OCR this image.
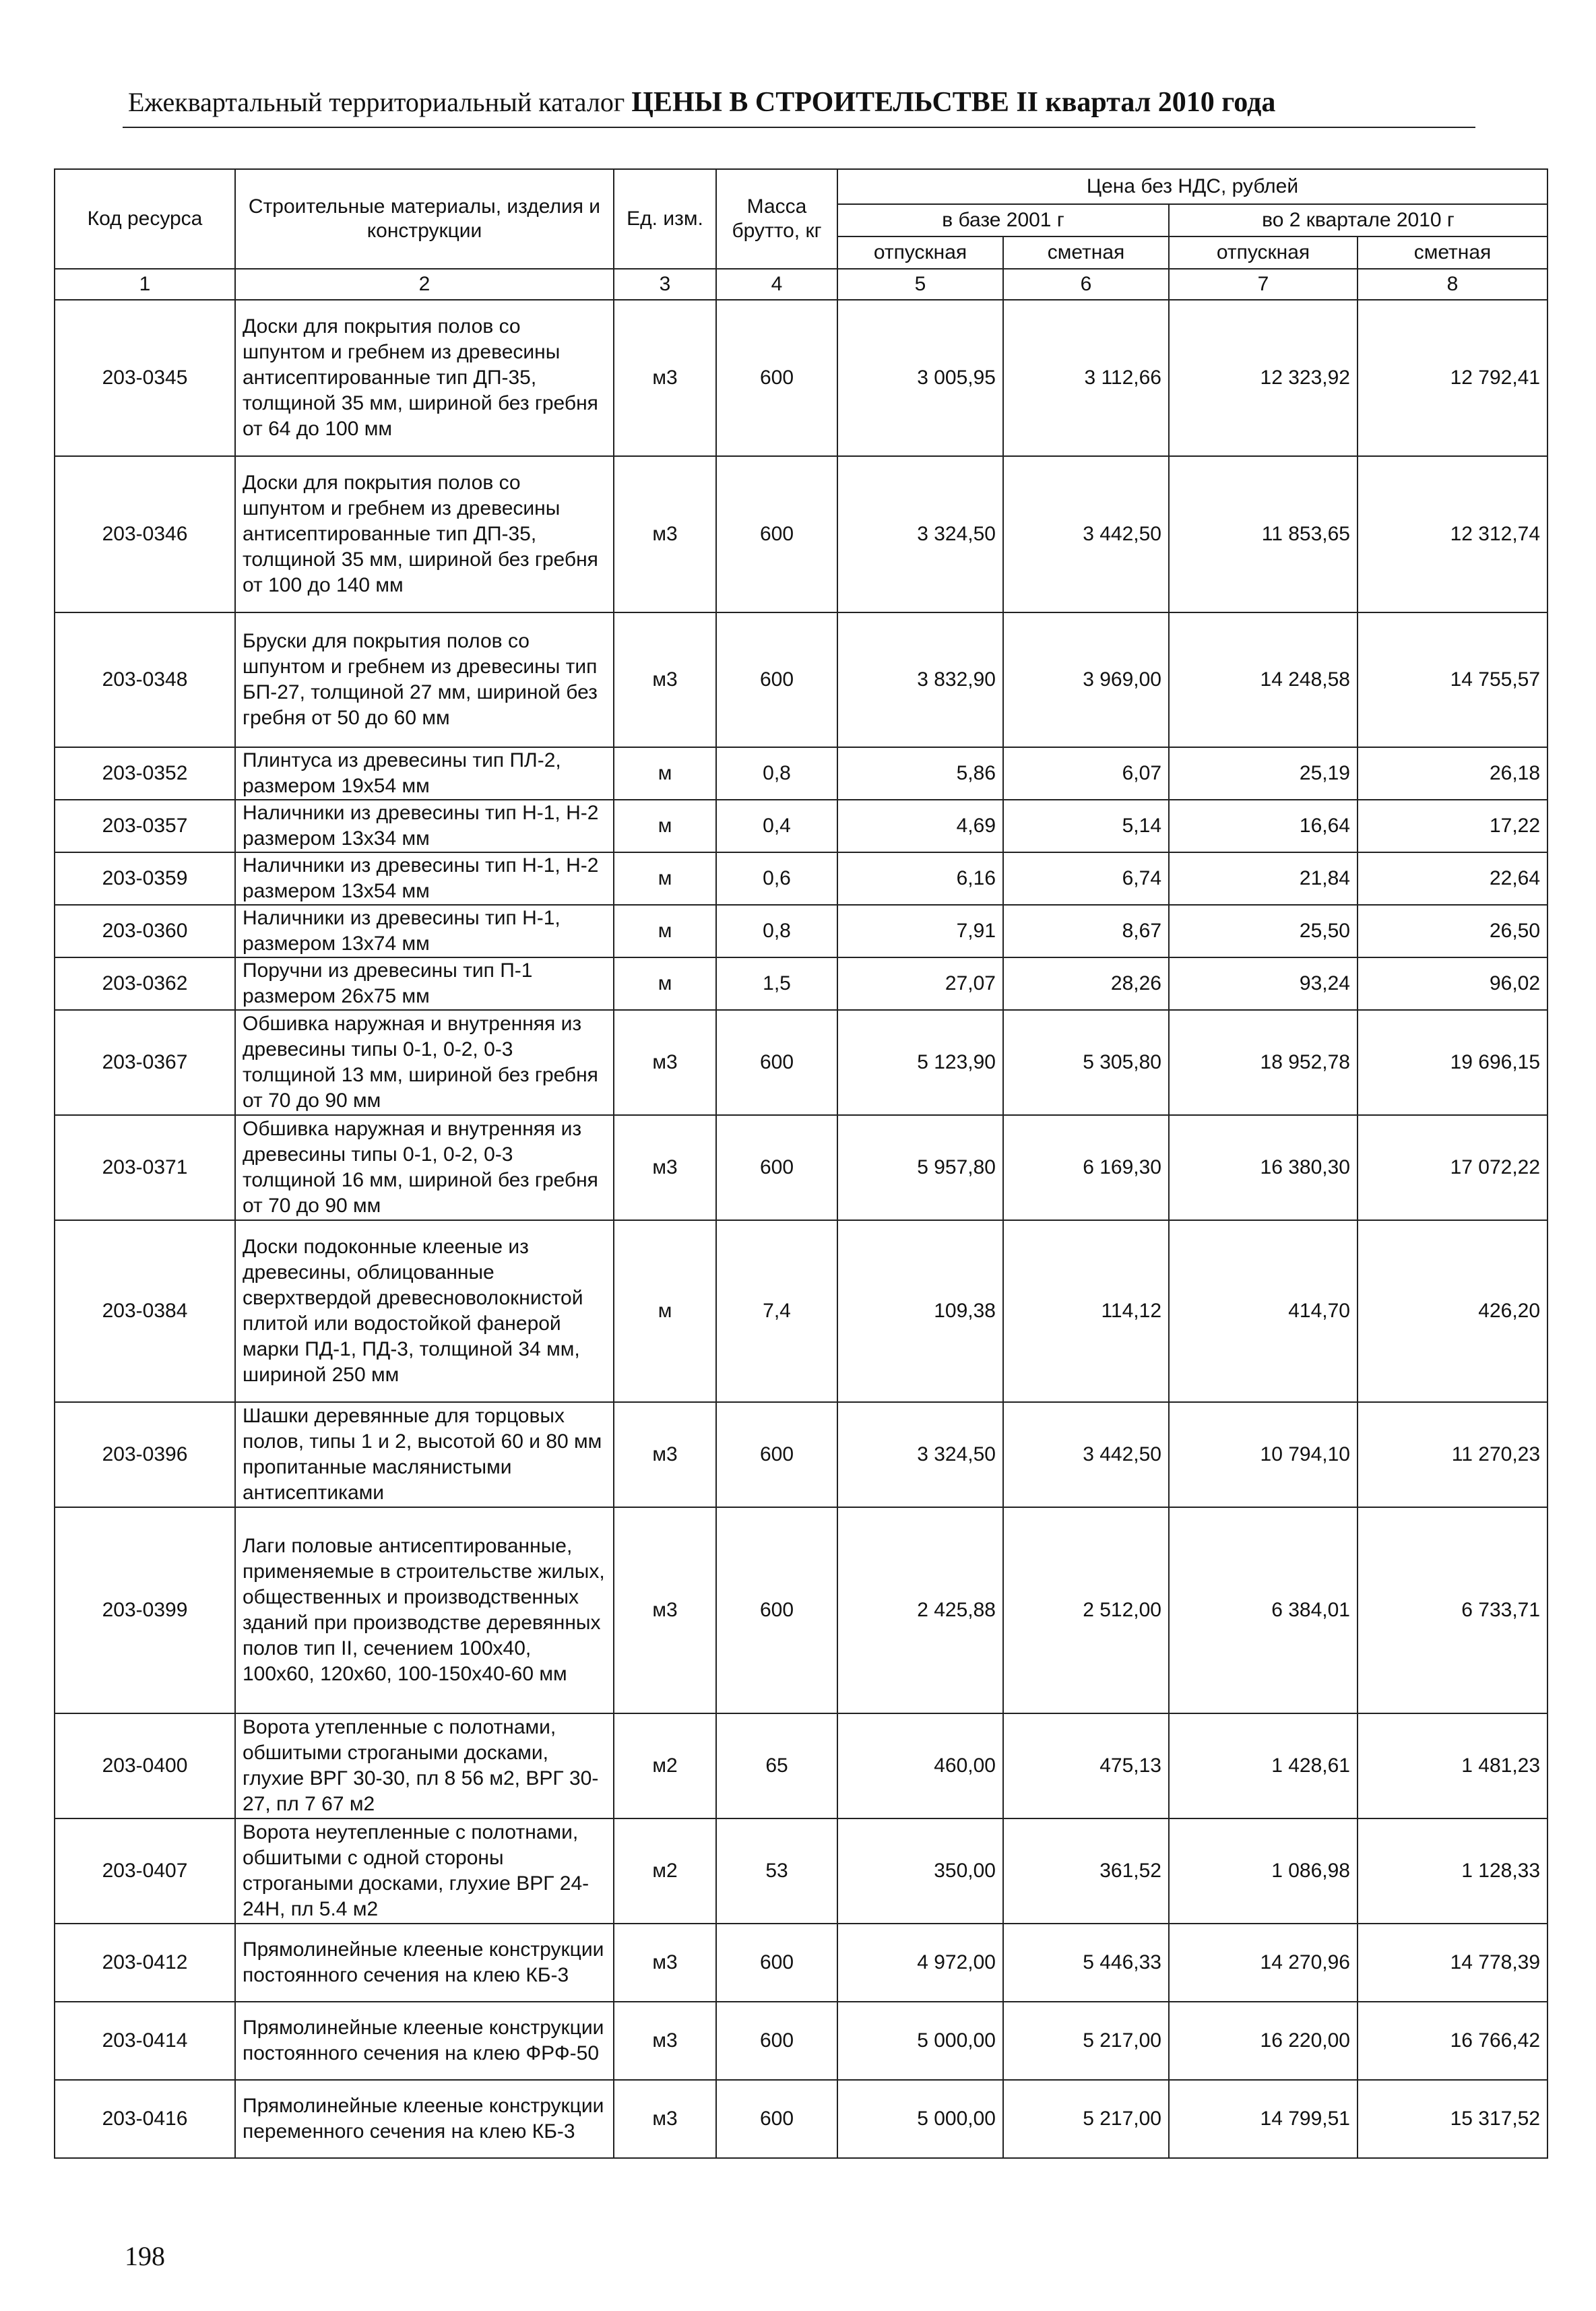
Ежеквартальный территориальный каталог ЦЕНЫ В СТРОИТЕЛЬСТВЕ II квартал 2010 года
Код ресурса	Строительные материалы, изделия и конструкции	Ед. изм.	Масса брутто, кг	Цена без НДС, рублей			
				в базе 2001 г		во 2 квартале 2010 г	
				отпускная	сметная	отпускная	сметная
1	2	3	4	5	6	7	8
203-0345	Доски для покрытия полов со шпунтом и гребнем из древесины антисептированные тип ДП-35, толщиной 35 мм, шириной без гребня от 64 до 100 мм	м3	600	3 005,95	3 112,66	12 323,92	12 792,41
203-0346	Доски для покрытия полов со шпунтом и гребнем из древесины антисептированные тип ДП-35, толщиной 35 мм, шириной без гребня от 100 до 140 мм	м3	600	3 324,50	3 442,50	11 853,65	12 312,74
203-0348	Бруски для покрытия полов со шпунтом и гребнем из древесины тип БП-27, толщиной 27 мм, шириной без гребня от 50 до 60 мм	м3	600	3 832,90	3 969,00	14 248,58	14 755,57
203-0352	Плинтуса из древесины тип ПЛ-2, размером 19x54 мм	м	0,8	5,86	6,07	25,19	26,18
203-0357	Наличники из древесины тип Н-1, Н-2 размером 13x34 мм	м	0,4	4,69	5,14	16,64	17,22
203-0359	Наличники из древесины тип Н-1, Н-2 размером 13x54 мм	м	0,6	6,16	6,74	21,84	22,64
203-0360	Наличники из древесины тип Н-1, размером 13x74 мм	м	0,8	7,91	8,67	25,50	26,50
203-0362	Поручни из древесины тип П-1 размером 26x75 мм	м	1,5	27,07	28,26	93,24	96,02
203-0367	Обшивка наружная и внутренняя из древесины типы 0-1, 0-2, 0-3 толщиной 13 мм, шириной без гребня от 70 до 90 мм	м3	600	5 123,90	5 305,80	18 952,78	19 696,15
203-0371	Обшивка наружная и внутренняя из древесины типы 0-1, 0-2, 0-3 толщиной 16 мм, шириной без гребня от 70 до 90 мм	м3	600	5 957,80	6 169,30	16 380,30	17 072,22
203-0384	Доски подоконные клееные из древесины, облицованные сверхтвердой древесноволокнистой плитой или водостойкой фанерой марки ПД-1, ПД-3, толщиной 34 мм, шириной 250 мм	м	7,4	109,38	114,12	414,70	426,20
203-0396	Шашки деревянные для торцовых полов, типы 1 и 2, высотой 60 и 80 мм пропитанные маслянистыми антисептиками	м3	600	3 324,50	3 442,50	10 794,10	11 270,23
203-0399	Лаги половые антисептированные, применяемые в строительстве жилых, общественных и производственных зданий при производстве деревянных полов тип II, сечением 100x40, 100x60, 120x60, 100-150x40-60 мм	м3	600	2 425,88	2 512,00	6 384,01	6 733,71
203-0400	Ворота утепленные с полотнами, обшитыми строгаными досками, глухие ВРГ 30-30, пл 8 56 м2, ВРГ 30-27, пл 7 67 м2	м2	65	460,00	475,13	1 428,61	1 481,23
203-0407	Ворота неутепленные с полотнами, обшитыми с одной стороны строгаными досками, глухие ВРГ 24-24Н, пл 5.4 м2	м2	53	350,00	361,52	1 086,98	1 128,33
203-0412	Прямолинейные клееные конструкции постоянного сечения на клею КБ-3	м3	600	4 972,00	5 446,33	14 270,96	14 778,39
203-0414	Прямолинейные клееные конструкции постоянного сечения на клею ФРФ-50	м3	600	5 000,00	5 217,00	16 220,00	16 766,42
203-0416	Прямолинейные клееные конструкции переменного сечения на клею КБ-3	м3	600	5 000,00	5 217,00	14 799,51	15 317,52
198
